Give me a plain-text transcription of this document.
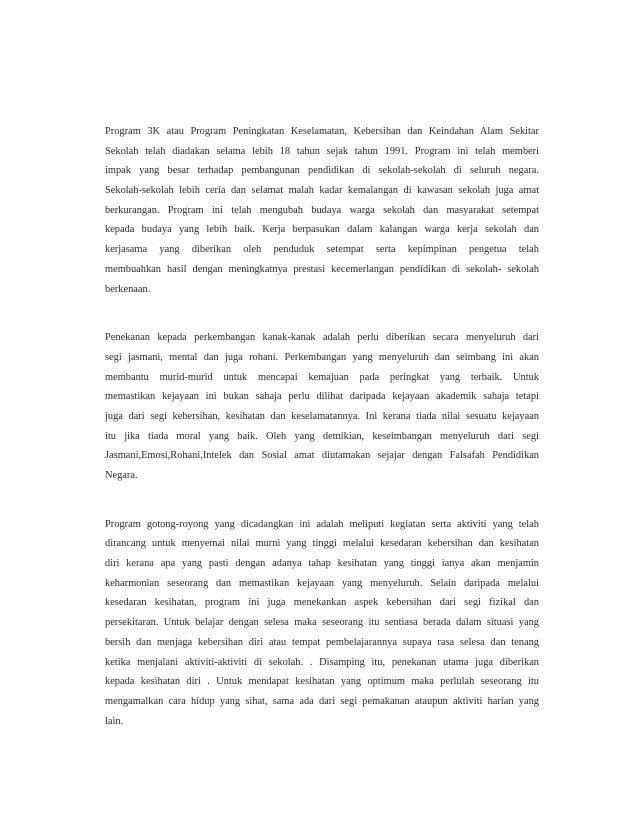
Program 3K atau Program Peningkatan Keselamatan, Kebersihan dan Keindahan Alam Sekitar
Sekolah telah diadakan selama lebih 18 tahun sejak tahun 1991. Program ini telah memberi
impak yang besar terhadap pembangunan pendidikan di sekolah-sekolah di seluruh negara.
Sekolah-sekolah lebih ceria dan selamat malah kadar kemalangan di kawasan sekolah juga amat
berkurangan. Program ini telah mengubah budaya warga sekolah dan masyarakat setempat
kepada budaya yang lebih baik. Kerja berpasukan dalam kalangan warga kerja sekolah dan
kerjasama yang diberikan oleh penduduk setempat serta kepimpinan pengetua telah
membuahkan hasil dengan meningkatnya prestasi kecemerlangan pendidikan di sekolah- sekolah
berkenaan.

Penekanan kepada perkembangan kanak-kanak adalah perlu diberikan secara menyeluruh dari
segi jasmani, mental dan juga rohani. Perkembangan yang menyeluruh dan seimbang ini akan
membantu murid-murid untuk mencapai kemajuan pada peringkat yang terbaik. Untuk
memastikan kejayaan ini bukan sahaja perlu dilihat daripada kejayaan akademik sahaja tetapi
juga dari segi kebersihan, kesihatan dan keselamatannya. Ini kerana tiada nilai sesuatu kejayaan
itu jika tiada moral yang baik. Oleh yang demikian, keseimbangan menyeluruh dari segi
Jasmani,Emosi,Rohani,Intelek dan Sosial amat diutamakan sejajar dengan Falsafah Pendidikan
Negara.

Program gotong-royong yang dicadangkan ini adalah meliputi kegiatan serta aktiviti yang telah
dirancang untuk menyemai nilai murni yang tinggi melalui kesedaran kebersihan dan kesihatan
diri kerana apa yang pasti dengan adanya tahap kesihatan yang tinggi ianya akan menjamin
keharmonian seseorang dan memastikan kejayaan yang menyeluruh. Selain daripada melalui
kesedaran kesihatan, program ini juga menekankan aspek kebersihan dari segi fizikal dan
persekitaran. Untuk belajar dengan selesa maka seseorang itu sentiasa berada dalam situasi yang
bersih dan menjaga kebersihan diri atau tempat pembelajarannya supaya rasa selesa dan tenang
ketika menjalani aktiviti-aktiviti di sekolah. . Disamping itu, penekanan utama juga diberikan
kepada kesihatan diri . Untuk mendapat kesihatan yang optimum maka perlulah seseorang itu
mengamalkan cara hidup yang sihat, sama ada dari segi pemakanan ataupun aktiviti harian yang
lain.
